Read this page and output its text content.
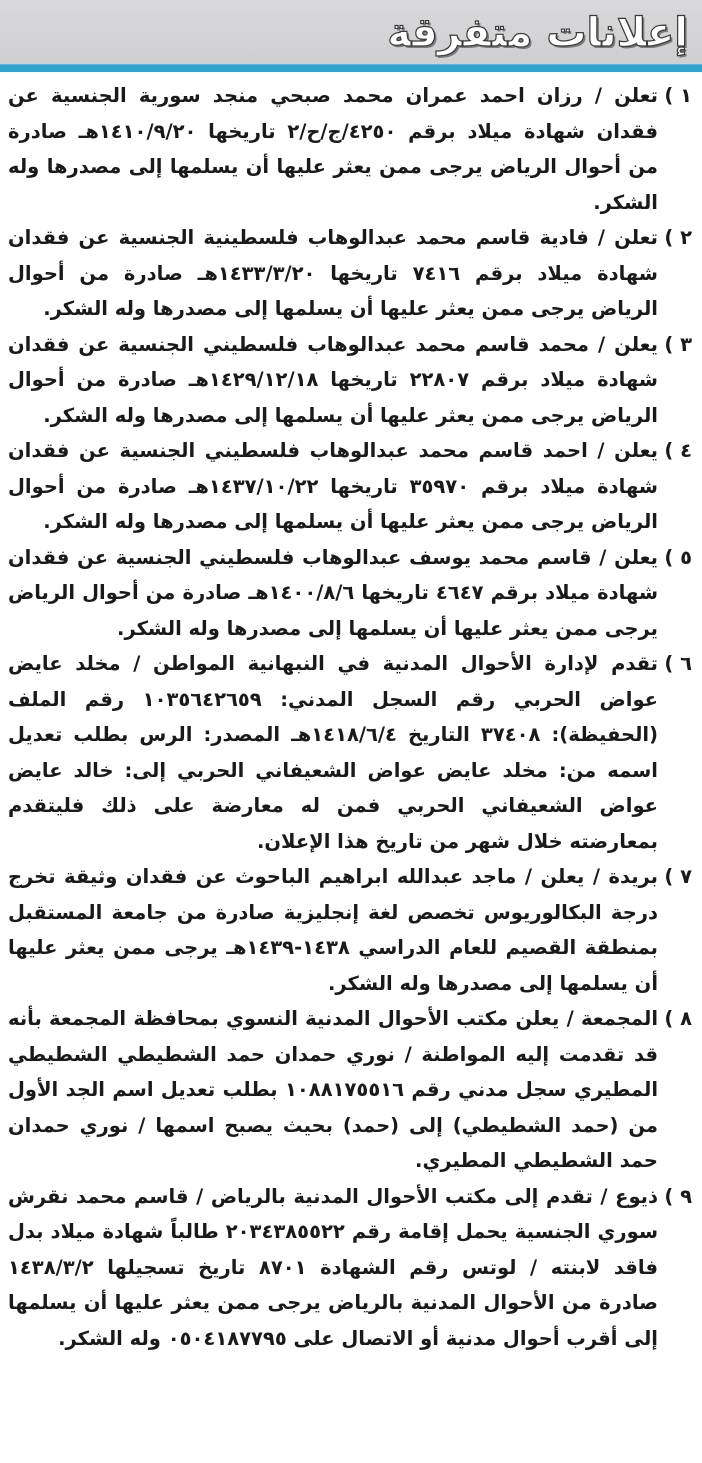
إعلانات متفرقة

١ )تعلن / رزان احمد عمران محمد صبحي منجد سورية الجنسية عن فقدان شهادة ميلاد برقم ٤٢٥٠/ج/ح/٢ تاريخها ١٤١٠/٩/٢٠هـ صادرة من أحوال الرياض يرجى ممن يعثر عليها أن يسلمها إلى مصدرها وله الشكر.

٢ )تعلن / فادية قاسم محمد عبدالوهاب فلسطينية الجنسية عن فقدان شهادة ميلاد برقم ٧٤١٦ تاريخها ١٤٣٣/٣/٢٠هـ صادرة من أحوال الرياض يرجى ممن يعثر عليها أن يسلمها إلى مصدرها وله الشكر.

٣ )يعلن / محمد قاسم محمد عبدالوهاب فلسطيني الجنسية عن فقدان شهادة ميلاد برقم ٢٢٨٠٧ تاريخها ١٤٢٩/١٢/١٨هـ صادرة من أحوال الرياض يرجى ممن يعثر عليها أن يسلمها إلى مصدرها وله الشكر.

٤ )يعلن / احمد قاسم محمد عبدالوهاب فلسطيني الجنسية عن فقدان شهادة ميلاد برقم ٣٥٩٧٠ تاريخها ١٤٣٧/١٠/٢٢هـ صادرة من أحوال الرياض يرجى ممن يعثر عليها أن يسلمها إلى مصدرها وله الشكر.

٥ )يعلن / قاسم محمد يوسف عبدالوهاب فلسطيني الجنسية عن فقدان شهادة ميلاد برقم ٤٦٤٧ تاريخها ١٤٠٠/٨/٦هـ صادرة من أحوال الرياض يرجى ممن يعثر عليها أن يسلمها إلى مصدرها وله الشكر.

٦ )تقدم لإدارة الأحوال المدنية في النبهانية المواطن / مخلد عايض عواض الحربي رقم السجل المدني: ١٠٣٥٦٤٢٦٥٩ رقم الملف (الحفيظة): ٣٧٤٠٨ التاريخ ١٤١٨/٦/٤هـ المصدر: الرس بطلب تعديل اسمه من: مخلد عايض عواض الشعيفاني الحربي إلى: خالد عايض عواض الشعيفاني الحربي فمن له معارضة على ذلك فليتقدم بمعارضته خلال شهر من تاريخ هذا الإعلان.

٧ )بريدة / يعلن / ماجد عبدالله ابراهيم الباحوث عن فقدان وثيقة تخرج درجة البكالوريوس تخصص لغة إنجليزية صادرة من جامعة المستقبل بمنطقة القصيم للعام الدراسي ١٤٣٨-١٤٣٩هـ يرجى ممن يعثر عليها أن يسلمها إلى مصدرها وله الشكر.

٨ )المجمعة / يعلن مكتب الأحوال المدنية النسوي بمحافظة المجمعة بأنه قد تقدمت إليه المواطنة / نوري حمدان حمد الشطيطي الشطيطي المطيري سجل مدني رقم ١٠٨٨١٧٥٥١٦ بطلب تعديل اسم الجد الأول من (حمد الشطيطي) إلى (حمد) بحيث يصبح اسمها / نوري حمدان حمد الشطيطي المطيري.

٩ )ذيوع / تقدم إلى مكتب الأحوال المدنية بالرياض / قاسم محمد نقرش سوري الجنسية يحمل إقامة رقم ٢٠٣٤٣٨٥٥٢٢ طالباً شهادة ميلاد بدل فاقد لابنته / لوتس رقم الشهادة ٨٧٠١ تاريخ تسجيلها ١٤٣٨/٣/٢ صادرة من الأحوال المدنية بالرياض يرجى ممن يعثر عليها أن يسلمها إلى أقرب أحوال مدنية أو الاتصال على ٠٥٠٤١٨٧٧٩٥ وله الشكر.
